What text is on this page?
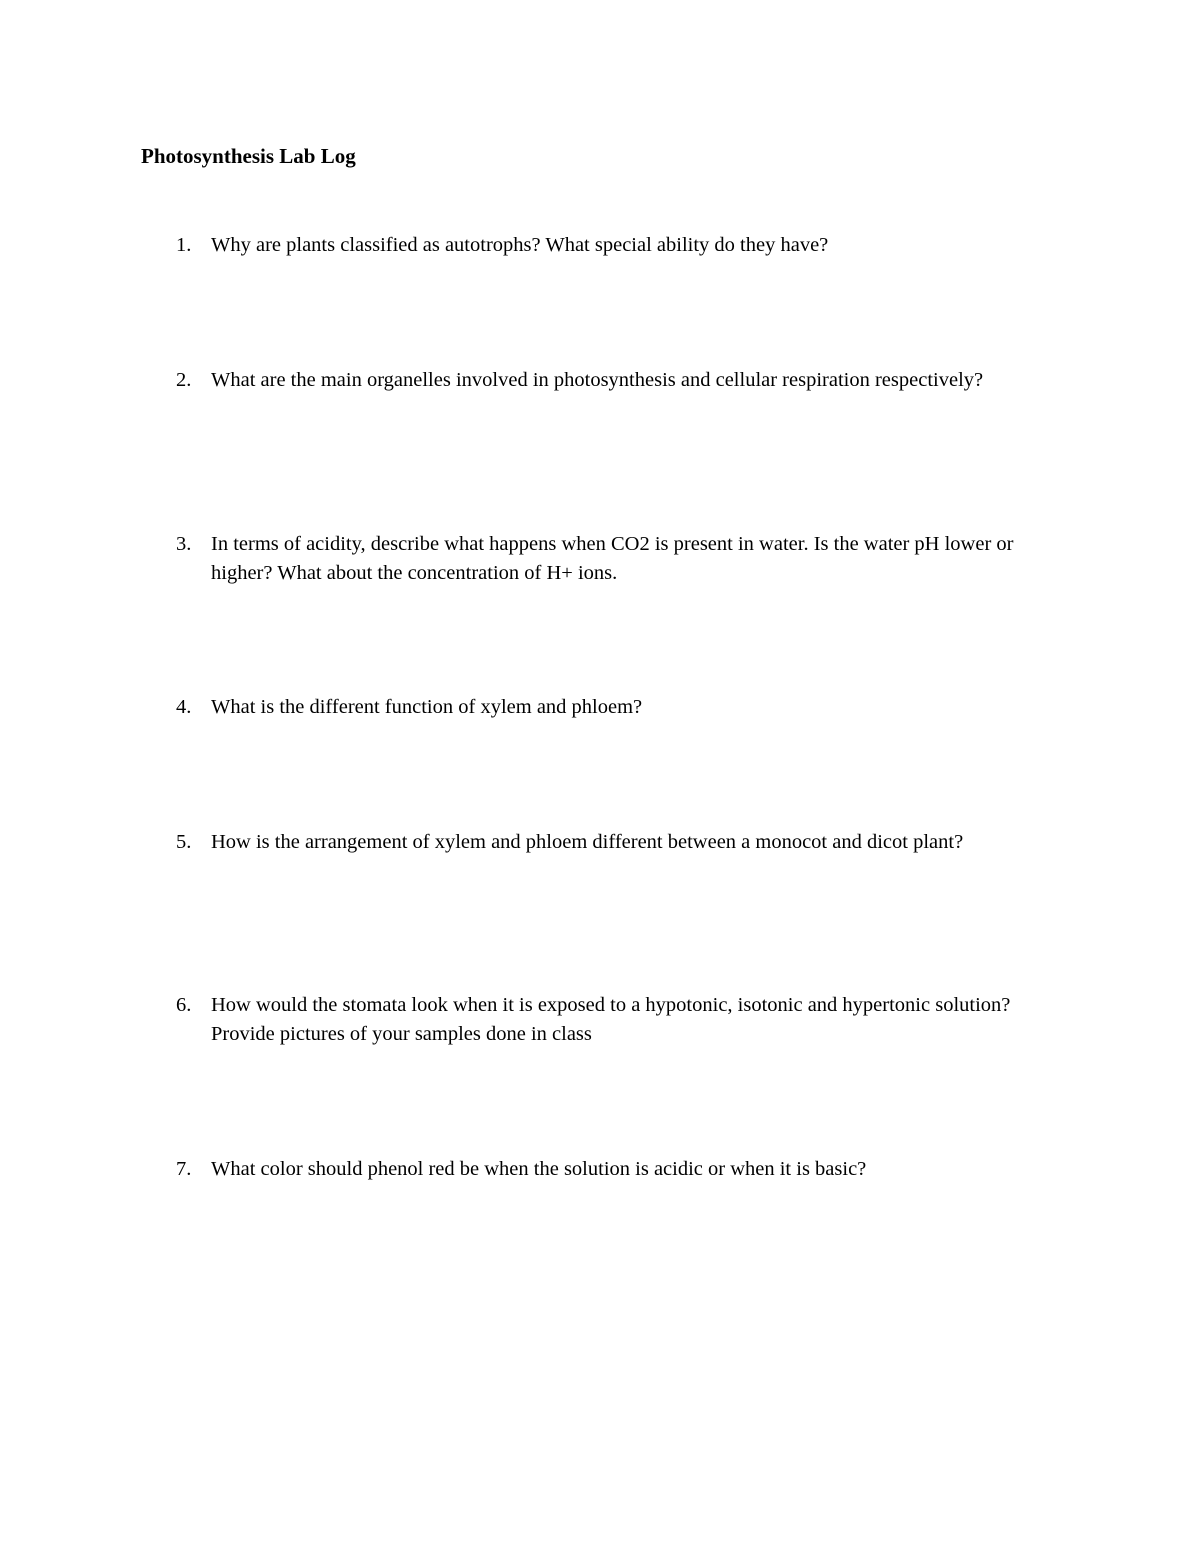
Photosynthesis Lab Log
1. Why are plants classified as autotrophs? What special ability do they have?
2. What are the main organelles involved in photosynthesis and cellular respiration respectively?
3. In terms of acidity, describe what happens when CO2 is present in water. Is the water pH lower or higher? What about the concentration of H+ ions.
4. What is the different function of xylem and phloem?
5. How is the arrangement of xylem and phloem different between a monocot and dicot plant?
6. How would the stomata look when it is exposed to a hypotonic, isotonic and hypertonic solution? Provide pictures of your samples done in class
7. What color should phenol red be when the solution is acidic or when it is basic?
